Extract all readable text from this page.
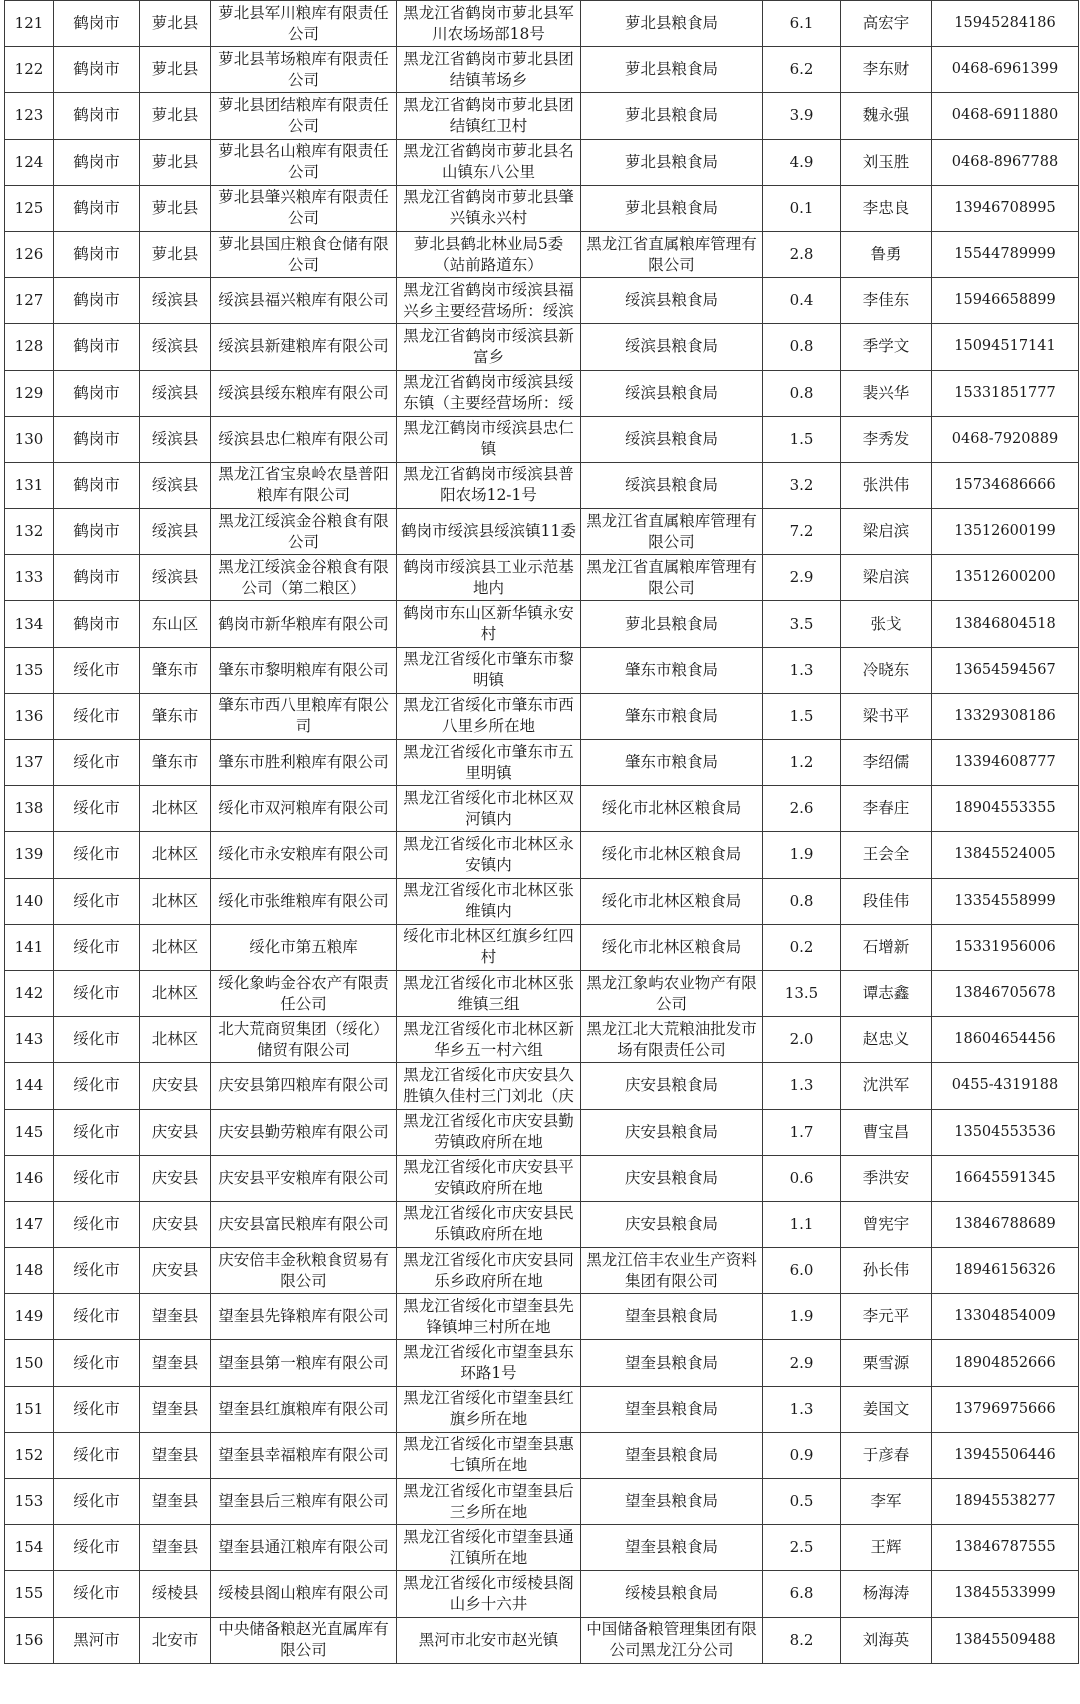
121	鹤岗市	萝北县	萝北县军川粮库有限责任公司	黑龙江省鹤岗市萝北县军川农场场部18号	萝北县粮食局	6.1	高宏宇	15945284186
122	鹤岗市	萝北县	萝北县苇场粮库有限责任公司	黑龙江省鹤岗市萝北县团结镇苇场乡	萝北县粮食局	6.2	李东财	0468-6961399
123	鹤岗市	萝北县	萝北县团结粮库有限责任公司	黑龙江省鹤岗市萝北县团结镇红卫村	萝北县粮食局	3.9	魏永强	0468-6911880
124	鹤岗市	萝北县	萝北县名山粮库有限责任公司	黑龙江省鹤岗市萝北县名山镇东八公里	萝北县粮食局	4.9	刘玉胜	0468-8967788
125	鹤岗市	萝北县	萝北县肇兴粮库有限责任公司	黑龙江省鹤岗市萝北县肇兴镇永兴村	萝北县粮食局	0.1	李忠良	13946708995
126	鹤岗市	萝北县	萝北县国庄粮食仓储有限公司	萝北县鹤北林业局5委（站前路道东）	黑龙江省直属粮库管理有限公司	2.8	鲁勇	15544789999
127	鹤岗市	绥滨县	绥滨县福兴粮库有限公司	黑龙江省鹤岗市绥滨县福兴乡主要经营场所：绥滨	绥滨县粮食局	0.4	李佳东	15946658899
128	鹤岗市	绥滨县	绥滨县新建粮库有限公司	黑龙江省鹤岗市绥滨县新富乡	绥滨县粮食局	0.8	季学文	15094517141
129	鹤岗市	绥滨县	绥滨县绥东粮库有限公司	黑龙江省鹤岗市绥滨县绥东镇（主要经营场所：绥	绥滨县粮食局	0.8	裴兴华	15331851777
130	鹤岗市	绥滨县	绥滨县忠仁粮库有限公司	黑龙江鹤岗市绥滨县忠仁镇	绥滨县粮食局	1.5	李秀发	0468-7920889
131	鹤岗市	绥滨县	黑龙江省宝泉岭农垦普阳粮库有限公司	黑龙江省鹤岗市绥滨县普阳农场12-1号	绥滨县粮食局	3.2	张洪伟	15734686666
132	鹤岗市	绥滨县	黑龙江绥滨金谷粮食有限公司	鹤岗市绥滨县绥滨镇11委	黑龙江省直属粮库管理有限公司	7.2	梁启滨	13512600199
133	鹤岗市	绥滨县	黑龙江绥滨金谷粮食有限公司（第二粮区）	鹤岗市绥滨县工业示范基地内	黑龙江省直属粮库管理有限公司	2.9	梁启滨	13512600200
134	鹤岗市	东山区	鹤岗市新华粮库有限公司	鹤岗市东山区新华镇永安村	萝北县粮食局	3.5	张戈	13846804518
135	绥化市	肇东市	肇东市黎明粮库有限公司	黑龙江省绥化市肇东市黎明镇	肇东市粮食局	1.3	冷晓东	13654594567
136	绥化市	肇东市	肇东市西八里粮库有限公司	黑龙江省绥化市肇东市西八里乡所在地	肇东市粮食局	1.5	梁书平	13329308186
137	绥化市	肇东市	肇东市胜利粮库有限公司	黑龙江省绥化市肇东市五里明镇	肇东市粮食局	1.2	李绍儒	13394608777
138	绥化市	北林区	绥化市双河粮库有限公司	黑龙江省绥化市北林区双河镇内	绥化市北林区粮食局	2.6	李春庄	18904553355
139	绥化市	北林区	绥化市永安粮库有限公司	黑龙江省绥化市北林区永安镇内	绥化市北林区粮食局	1.9	王会全	13845524005
140	绥化市	北林区	绥化市张维粮库有限公司	黑龙江省绥化市北林区张维镇内	绥化市北林区粮食局	0.8	段佳伟	13354558999
141	绥化市	北林区	绥化市第五粮库	绥化市北林区红旗乡红四村	绥化市北林区粮食局	0.2	石增新	15331956006
142	绥化市	北林区	绥化象屿金谷农产有限责任公司	黑龙江省绥化市北林区张维镇三组	黑龙江象屿农业物产有限公司	13.5	谭志鑫	13846705678
143	绥化市	北林区	北大荒商贸集团（绥化）储贸有限公司	黑龙江省绥化市北林区新华乡五一村六组	黑龙江北大荒粮油批发市场有限责任公司	2.0	赵忠义	18604654456
144	绥化市	庆安县	庆安县第四粮库有限公司	黑龙江省绥化市庆安县久胜镇久佳村三门刘北（庆	庆安县粮食局	1.3	沈洪军	0455-4319188
145	绥化市	庆安县	庆安县勤劳粮库有限公司	黑龙江省绥化市庆安县勤劳镇政府所在地	庆安县粮食局	1.7	曹宝昌	13504553536
146	绥化市	庆安县	庆安县平安粮库有限公司	黑龙江省绥化市庆安县平安镇政府所在地	庆安县粮食局	0.6	季洪安	16645591345
147	绥化市	庆安县	庆安县富民粮库有限公司	黑龙江省绥化市庆安县民乐镇政府所在地	庆安县粮食局	1.1	曾宪宇	13846788689
148	绥化市	庆安县	庆安倍丰金秋粮食贸易有限公司	黑龙江省绥化市庆安县同乐乡政府所在地	黑龙江倍丰农业生产资料集团有限公司	6.0	孙长伟	18946156326
149	绥化市	望奎县	望奎县先锋粮库有限公司	黑龙江省绥化市望奎县先锋镇坤三村所在地	望奎县粮食局	1.9	李元平	13304854009
150	绥化市	望奎县	望奎县第一粮库有限公司	黑龙江省绥化市望奎县东环路1号	望奎县粮食局	2.9	栗雪源	18904852666
151	绥化市	望奎县	望奎县红旗粮库有限公司	黑龙江省绥化市望奎县红旗乡所在地	望奎县粮食局	1.3	姜国文	13796975666
152	绥化市	望奎县	望奎县幸福粮库有限公司	黑龙江省绥化市望奎县惠七镇所在地	望奎县粮食局	0.9	于彦春	13945506446
153	绥化市	望奎县	望奎县后三粮库有限公司	黑龙江省绥化市望奎县后三乡所在地	望奎县粮食局	0.5	李军	18945538277
154	绥化市	望奎县	望奎县通江粮库有限公司	黑龙江省绥化市望奎县通江镇所在地	望奎县粮食局	2.5	王辉	13846787555
155	绥化市	绥棱县	绥棱县阁山粮库有限公司	黑龙江省绥化市绥棱县阁山乡十六井	绥棱县粮食局	6.8	杨海涛	13845533999
156	黑河市	北安市	中央储备粮赵光直属库有限公司	黑河市北安市赵光镇	中国储备粮管理集团有限公司黑龙江分公司	8.2	刘海英	13845509488
